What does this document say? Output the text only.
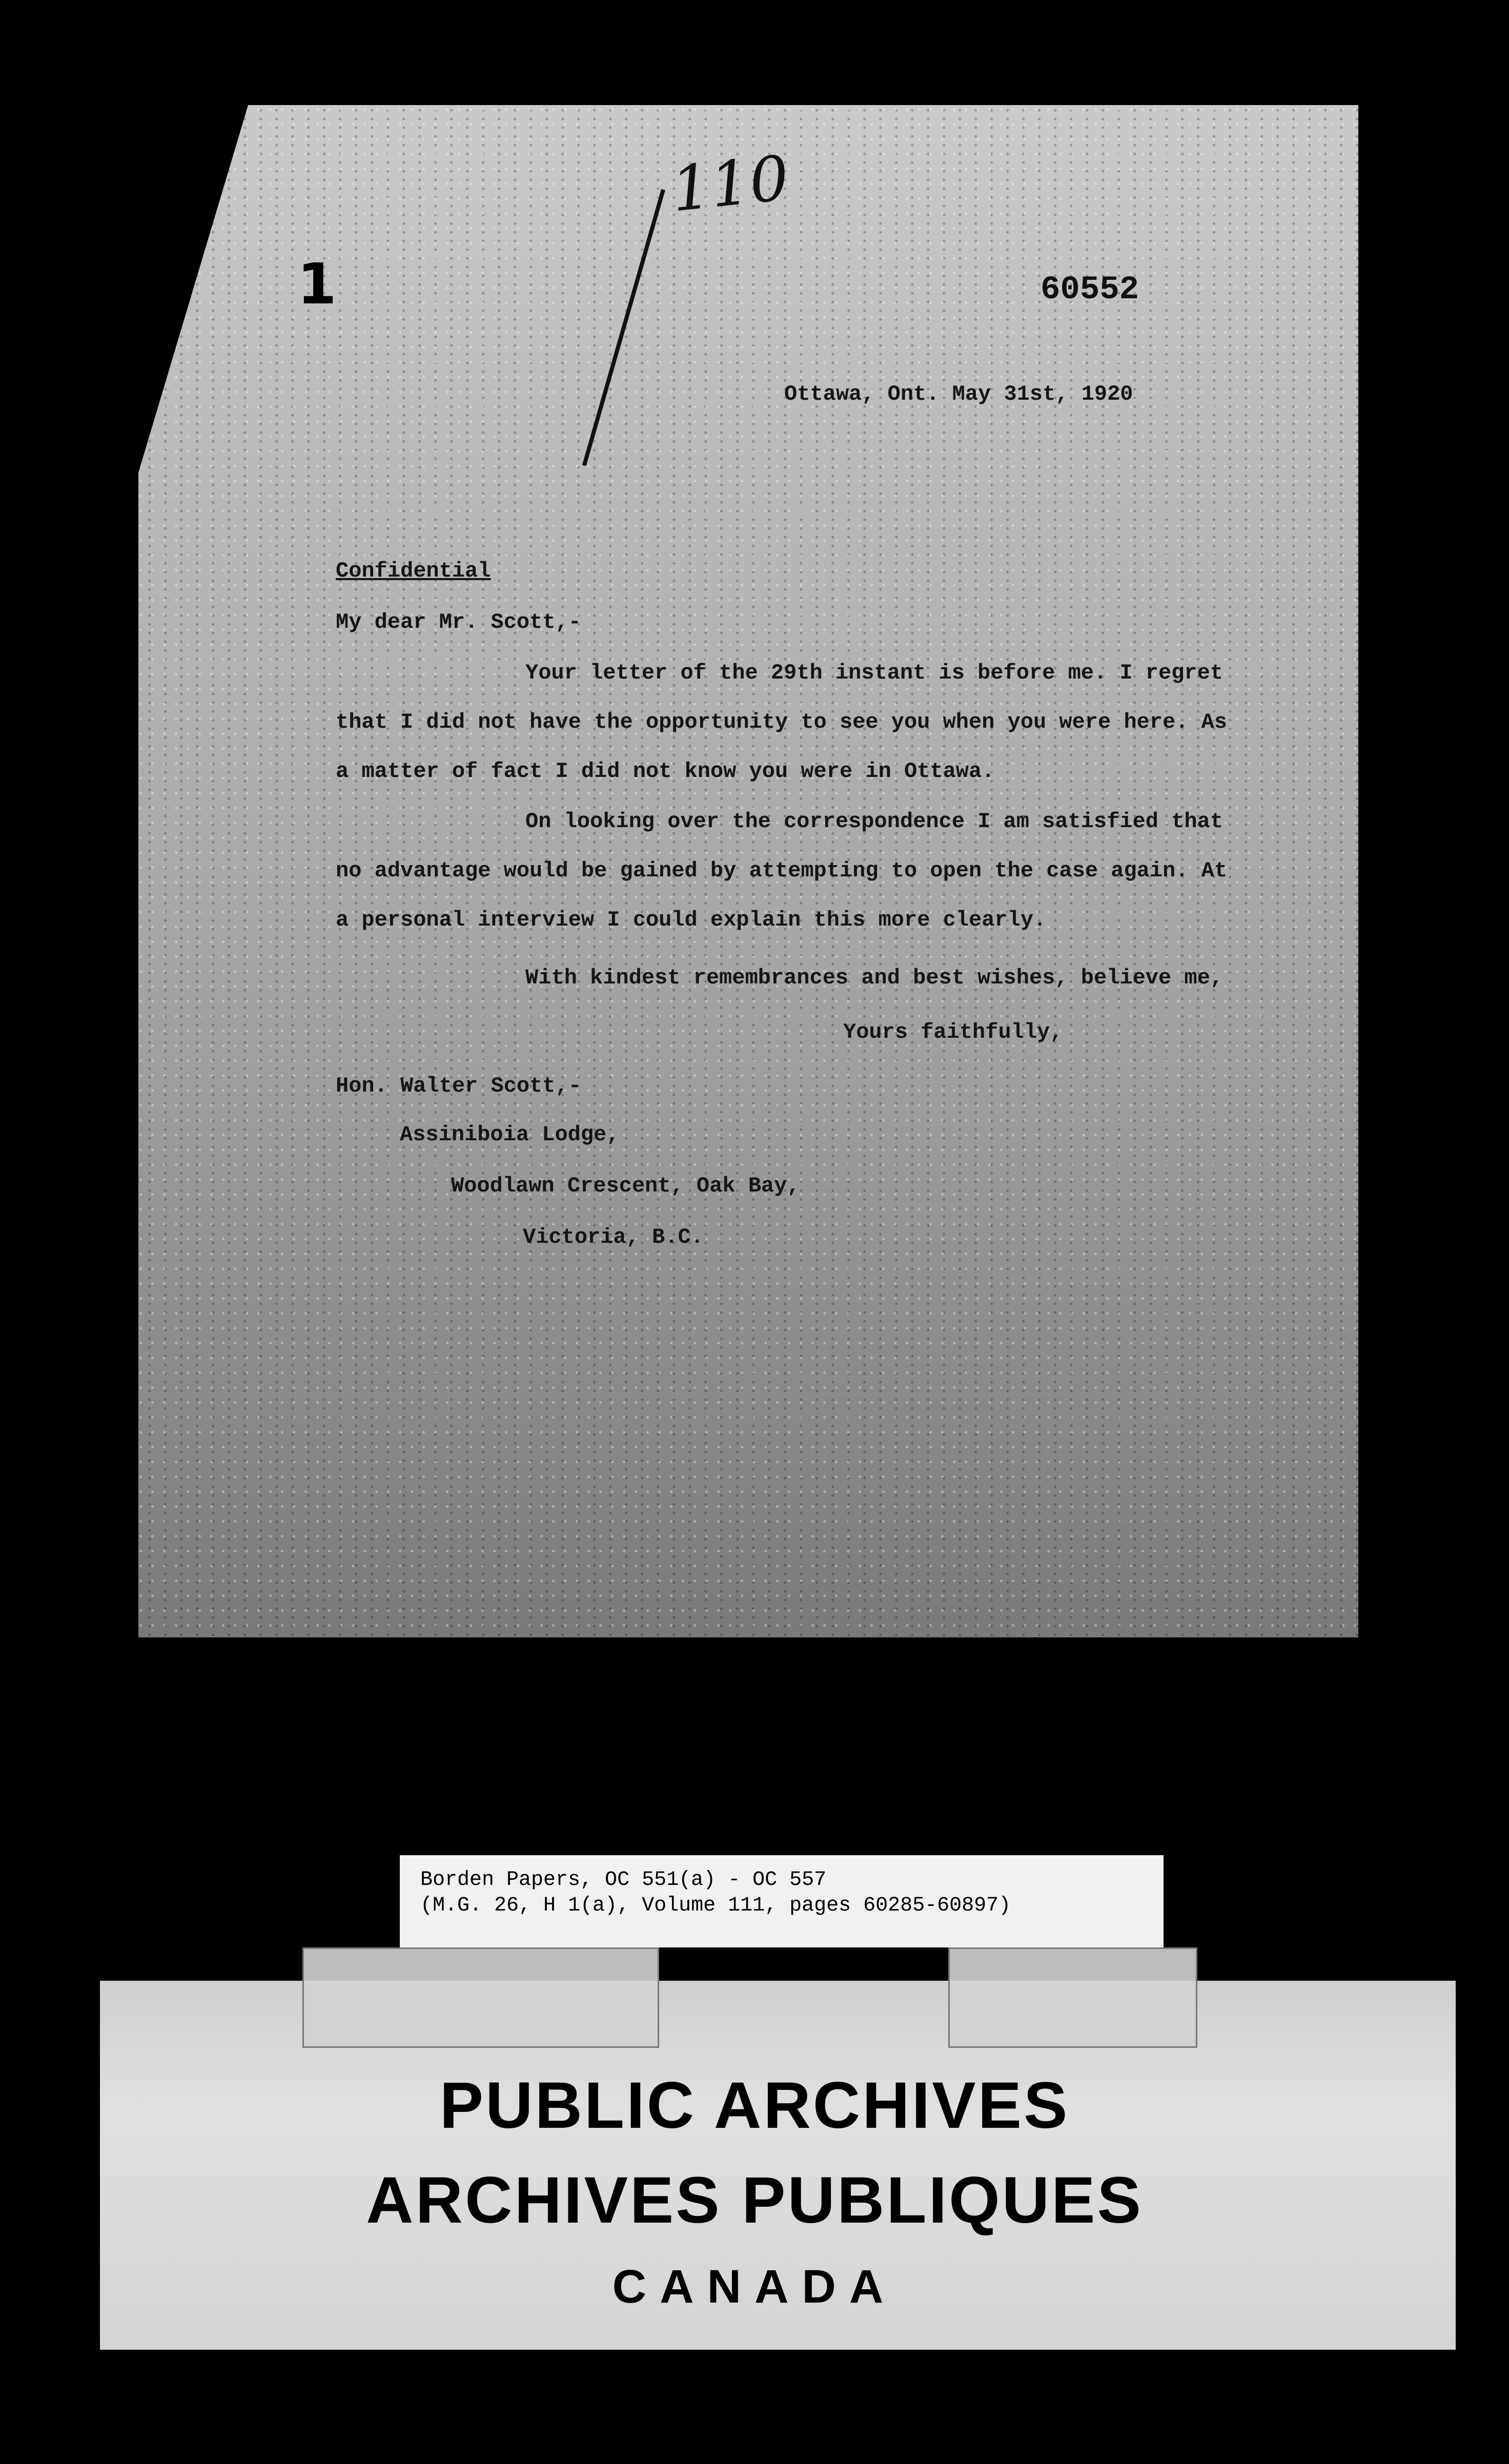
110
1	60552
Ottawa, Ont. May 31st, 1920
Confidential
My dear Mr. Scott,-
Your letter of the 29th instant is before me. I regret that I did not have the opportunity to see you when you were here. As a matter of fact I did not know you were in Ottawa.
On looking over the correspondence I am satisfied that no advantage would be gained by attempting to open the case again. At a personal interview I could explain this more clearly.
With kindest remembrances and best wishes, believe me,
Yours faithfully,
Hon. Walter Scott,-
Assiniboia Lodge,
Woodlawn Crescent, Oak Bay,
Victoria, B.C.
Borden Papers, OC 551(a) - OC 557
(M.G. 26, H 1(a), Volume 111, pages 60285-60897)
PUBLIC ARCHIVES
ARCHIVES PUBLIQUES
CANADA
